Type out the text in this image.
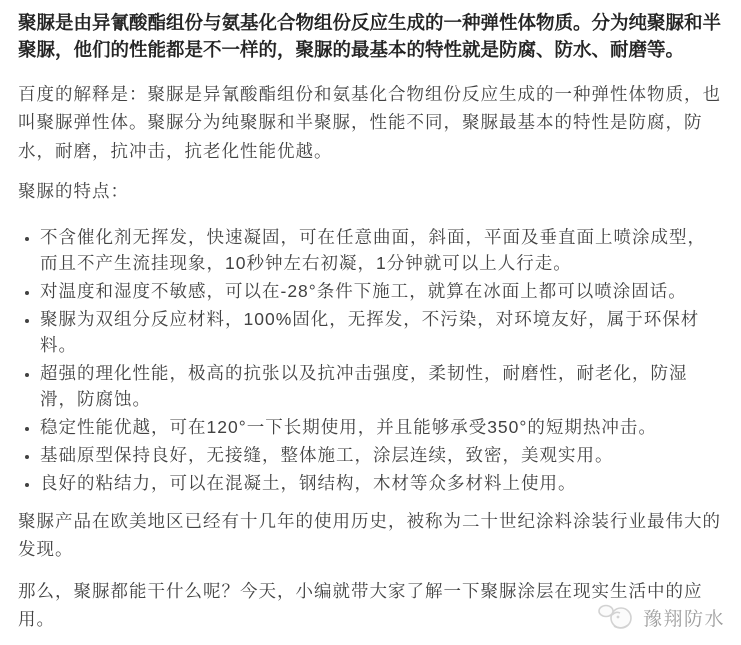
聚脲是由异氰酸酯组份与氨基化合物组份反应生成的一种弹性体物质。分为纯聚脲和半聚脲，他们的性能都是不一样的，聚脲的最基本的特性就是防腐、防水、耐磨等。

百度的解释是：聚脲是异氰酸酯组份和氨基化合物组份反应生成的一种弹性体物质，也叫聚脲弹性体。聚脲分为纯聚脲和半聚脲，性能不同，聚脲最基本的特性是防腐，防水，耐磨，抗冲击，抗老化性能优越。

聚脲的特点：

• 不含催化剂无挥发，快速凝固，可在任意曲面，斜面，平面及垂直面上喷涂成型，而且不产生流挂现象，10秒钟左右初凝，1分钟就可以上人行走。
• 对温度和湿度不敏感，可以在-28°条件下施工，就算在冰面上都可以喷涂固话。
• 聚脲为双组分反应材料，100%固化，无挥发，不污染，对环境友好，属于环保材料。
• 超强的理化性能，极高的抗张以及抗冲击强度，柔韧性，耐磨性，耐老化，防湿滑，防腐蚀。
• 稳定性能优越，可在120°一下长期使用，并且能够承受350°的短期热冲击。
• 基础原型保持良好，无接缝，整体施工，涂层连续，致密，美观实用。
• 良好的粘结力，可以在混凝土，钢结构，木材等众多材料上使用。

聚脲产品在欧美地区已经有十几年的使用历史，被称为二十世纪涂料涂装行业最伟大的发现。

那么，聚脲都能干什么呢？今天，小编就带大家了解一下聚脲涂层在现实生活中的应用。	豫翔防水
